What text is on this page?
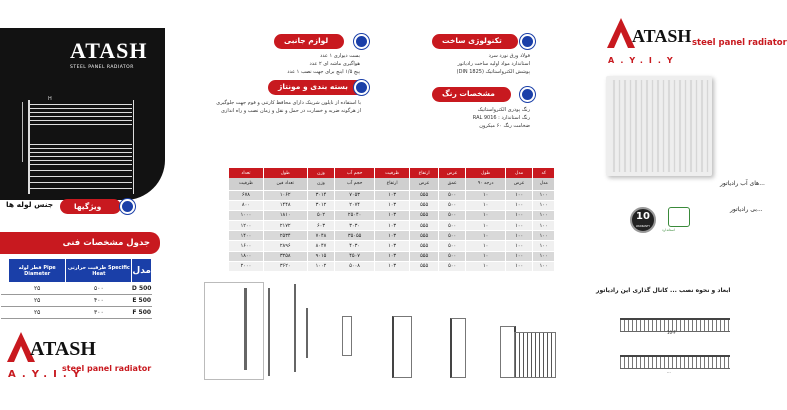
ATASH
STEEL PANEL RADIATOR
H
ویژگیها
جنس لوله ها
جدول مشخصات فنی
	قطر لوله Pipe Diameter	ظرفیت حرارتی Specific Heat	مدل
	۲۵	۵۰۰	D 500
	۲۵	۴۰۰	E 500
	۲۵	۳۰۰	F 500
ATASH
A.Y.I.Y
steel panel radiator
لوازم جانبی
بست دیواری ۱ عدد
هواگیری ماشه ای ۲ عدد
پیچ ۱/۵ اینچ برای جهت نصب ۱ عدد
تکنولوژی ساخت
فولاد ورق نورد سرد
استاندارد مواد اولیه ساخت رادیاتور
پوشش الکترواستاتیک (DIN 1825)
بسته بندی و مونتاژ
با استفاده از نایلون شرینک دارای محافظ کارتنی و فوم جهت جلوگیری از هرگونه ضربه و خسارت در حمل و نقل و زمان نصب و راه اندازی
مشخصات رنگ
رنگ پودری الکترواستاتیک
رنگ استاندارد : RAL 9016
ضخامت رنگ ۶۰ میکرون
تعداد	طول	وزن	حجم آب	ظرفیت	ارتفاع	عرض	طول	مدل	کد
ظرفیت	تعداد فین	وزن	حجم آب	ارتفاع	عرض	عمق	۹۰ درجه	عرض	مدل
۶۷۸	۱۰۶۲	۳۰۱۴	۷۰۵۳	۱۰۳	۵۵۵	۵۰۰	۱۰	۱۰۰	۱۰۰
۸۰۰	۱۴۴۸	۳۰۱۲	۲۰۷۴	۱۰۳	۵۵۵	۵۰۰	۱۰	۱۰۰	۱۰۰
۱۰۰۰	۱۸۱۰	۵۰۲	۲۵۰۴۰	۱۰۳	۵۵۵	۵۰۰	۱۰	۱۰۰	۱۰۰
۱۲۰۰	۲۱۷۲	۶۰۳	۳۰۳۰	۱۰۳	۵۵۵	۵۰۰	۱۰	۱۰۰	۱۰۰
۱۴۰۰	۲۵۳۴	۷۰۴۸	۳۵۰۵۵	۱۰۳	۵۵۵	۵۰۰	۱۰	۱۰۰	۱۰۰
۱۶۰۰	۲۸۹۶	۸۰۴۷	۴۰۳۰	۱۰۳	۵۵۵	۵۰۰	۱۰	۱۰۰	۱۰۰
۱۸۰۰	۳۲۵۸	۹۰۱۵	۴۵۰۷	۱۰۳	۵۵۵	۵۰۰	۱۰	۱۰۰	۱۰۰
۲۰۰۰	۳۶۲۰	۱۰۰۲	۵۰۰۸	۱۰۳	۵۵۵	۵۰۰	۱۰	۱۰۰	۱۰۰
ATASH
A.Y.I.Y
steel panel radiator
...های آب رادیاتور
...بی رادیاتور
10
WARRANTY
استاندارد
ابعاد و نحوه نصب ... کانال گذاری این رادیاتور
10-F
...
